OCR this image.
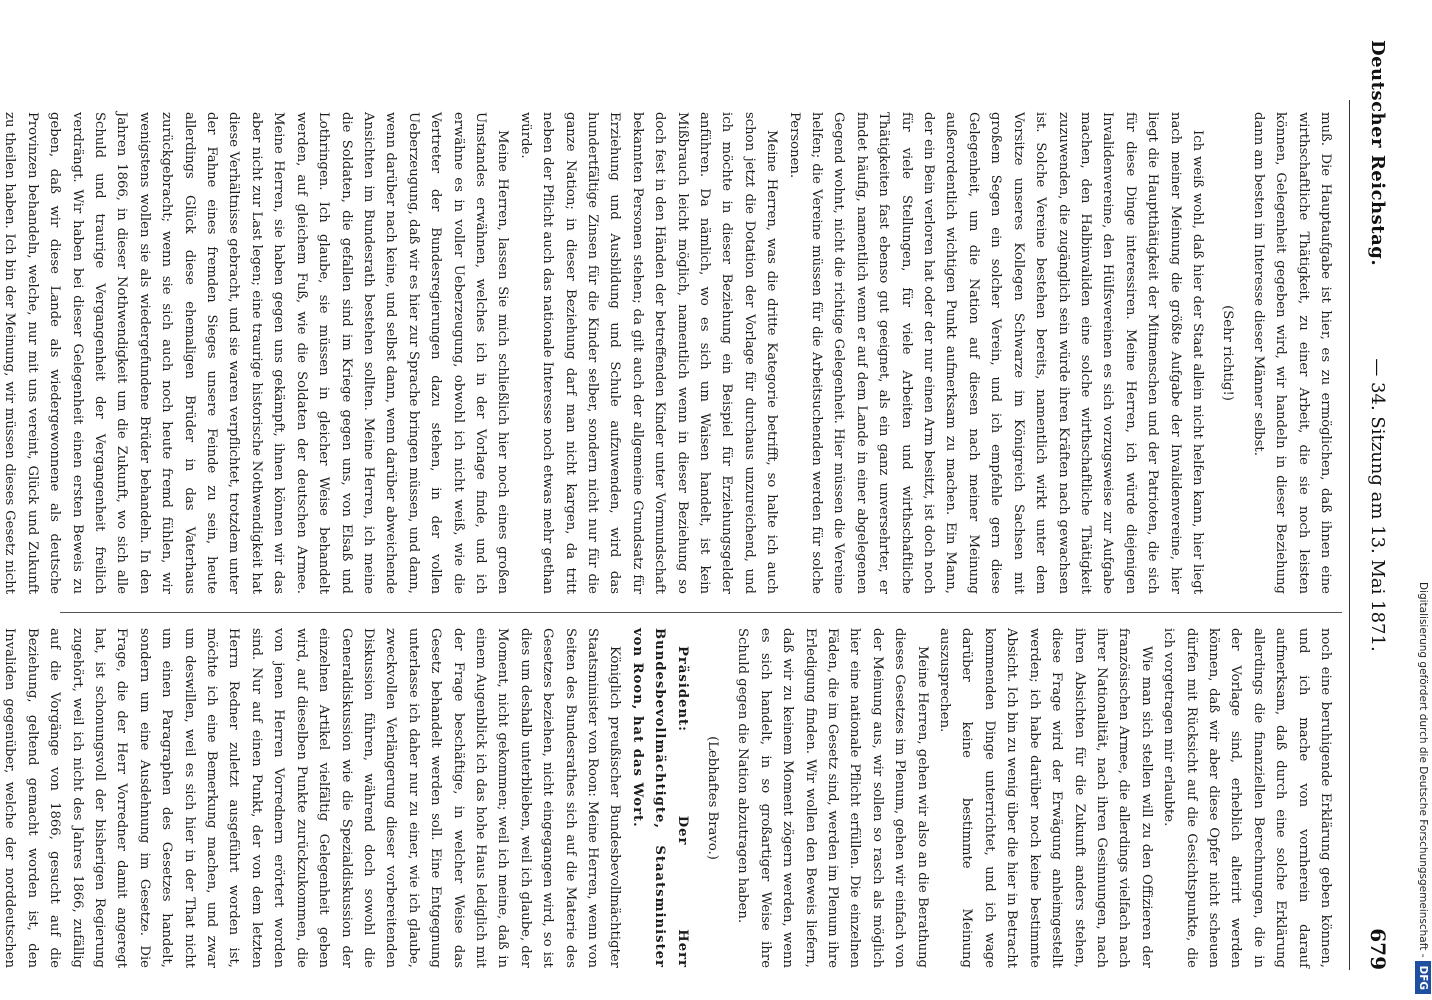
Deutscher Reichstag.
— 34. Sitzung am 13. Mai 1871.
679

muß. Die Hauptaufgabe ist hier, es zu ermöglichen, daß ihnen eine wirthschaftliche Thätigkeit, zu einer Arbeit, die sie noch leisten können, Gelegenheit gegeben wird, wir handeln in dieser Beziehung dann am besten im Interesse dieser Männer selbst.

(Sehr richtig!)

Ich weiß wohl, daß hier der Staat allein nicht helfen kann, hier liegt nach meiner Meinung die größte Aufgabe der Invalidenvereine, hier liegt die Hauptthätigkeit der Mitmenschen und der Patrioten, die sich für diese Dinge interessiren. Meine Herren, ich würde diejenigen Invalidenvereine, den Hülfsvereinen es sich vorzugsweise zur Aufgabe machen, den Halbinvaliden eine solche wirthschaftliche Thätigkeit zuzuwenden, die zugänglich sein würde ihren Kräften nach gewachsen ist. Solche Vereine bestehen bereits, namentlich wirkt unter dem Vorsitze unseres Kollegen Schwarze im Königreich Sachsen mit großem Segen ein solcher Verein, und ich empfehle gern diese Gelegenheit, um die Nation auf diesen nach meiner Meinung außerordentlich wichtigen Punkt aufmerksam zu machen. Ein Mann, der ein Bein verloren hat oder der nur einen Arm besitzt, ist doch noch für viele Stellungen, für viele Arbeiten und wirthschaftliche Thätigkeiten fast ebenso gut geeignet, als ein ganz unversehrter, er findet häufig, namentlich wenn er auf dem Lande in einer abgelegenen Gegend wohnt, nicht die richtige Gelegenheit. Hier müssen die Vereine helfen; die Vereine müssen für die Arbeitsuchenden werden für solche Personen.

Meine Herren, was die dritte Kategorie betrifft, so halte ich auch schon jetzt die Dotation der Vorlage für durchaus unzureichend, und ich möchte in dieser Beziehung ein Beispiel für Erziehungsgelder anführen. Da nämlich, wo es sich um Waisen handelt, ist kein Mißbrauch leicht möglich, namentlich wenn in dieser Beziehung so doch fest in den Händen der betreffenden Kinder unter Vormundschaft bekannten Personen stehen; da gilt auch der allgemeine Grundsatz für Erziehung und Ausbildung und Schule aufzuwenden, wird das hundertfältige Zinsen für die Kinder selber, sondern nicht nur für die ganze Nation; in dieser Beziehung darf man nicht kargen, da tritt neben der Pflicht auch das nationale Interesse noch etwas mehr gethan würde.

Meine Herren, lassen Sie mich schließlich hier noch eines großen Umstandes erwähnen, welches ich in der Vorlage finde, und ich erwähne es in voller Ueberzeugung, obwohl ich nicht weiß, wie die Vertreter der Bundesregierungen dazu stehen, in der vollen Ueberzeugung, daß wir es hier zur Sprache bringen müssen, und dann, wenn darüber nach keine, und selbst dann, wenn darüber abweichende Ansichten im Bundesrath bestehen sollten. Meine Herren, ich meine die Soldaten, die gefallen sind im Kriege gegen uns, von Elsaß und Lothringen. Ich glaube, sie müssen in gleicher Weise behandelt werden, auf gleichem Fuß, wie die Soldaten der deutschen Armee. Meine Herren, sie haben gegen uns gekämpft, ihnen können wir das aber nicht zur Last legen; eine traurige historische Nothwendigkeit hat diese Verhältnisse gebracht, und sie waren verpflichtet, trotzdem unter der Fahne eines fremden Sieges unsere Feinde zu sein, heute allerdings Glück diese ehemaligen Brüder in das Vaterhaus zurückgebracht; wenn sie sich auch noch heute fremd fühlen, wir wenigstens wollen sie als wiedergefundene Brüder behandeln. In den Jahren 1866, in dieser Nothwendigkeit um die Zukunft, wo sich alle Schuld und traurige Vergangenheit der Vergangenheit freilich verdrängt. Wir haben bei dieser Gelegenheit einen ersten Beweis zu geben, daß wir diese Lande als wiedergewonnene als deutsche Provinzen behandeln, welche, nur mit uns vereint, Glück und Zukunft zu theilen haben. Ich bin der Meinung, wir müssen dieses Gesetz nicht

noch eine beruhigende Erklärung geben können, und ich mache von vornherein darauf aufmerksam, daß durch eine solche Erklärung allerdings die finanziellen Berechnungen, die in der Vorlage sind, erheblich alterirt werden können, daß wir aber diese Opfer nicht scheuen dürfen mit Rücksicht auf die Gesichtspunkte, die ich vorgetragen mir erlaubte.

Wie man sich stellen will zu den Offizieren der französischen Armee, die allerdings vielfach nach ihrer Nationalität, nach ihren Gesinnungen, nach ihren Absichten für die Zukunft anders stehen, diese Frage wird der Erwägung anheimgestellt werden; ich habe darüber noch keine bestimmte Absicht. Ich bin zu wenig über die hier in Betracht kommenden Dinge unterrichtet, und ich wage darüber keine bestimmte Meinung auszusprechen.

Meine Herren, gehen wir also an die Berathung dieses Gesetzes im Plenum, gehen wir einfach von der Meinung aus, wir sollen so rasch als möglich hier eine nationale Pflicht erfüllen. Die einzelnen Fäden, die im Gesetz sind, werden im Plenum ihre Erledigung finden. Wir wollen den Beweis liefern, daß wir zu keinem Moment zögern werden, wenn es sich handelt, in so großartiger Weise ihre Schuld gegen die Nation abzutragen haben.

(Lebhaftes Bravo.)

Präsident: Der Herr Bundesbevollmächtigte, Staatsminister von Roon, hat das Wort.

Königlich preußischer Bundesbevollmächtigter Staatsminister von Roon: Meine Herren, wenn von Seiten des Bundesrathes sich auf die Materie des Gesetzes beziehen, nicht eingegangen wird, so ist dies um deshalb unterblieben, weil ich glaube, der Moment, nicht gekommen; weil ich meine, daß in einem Augenblick ich das hohe Haus lediglich mit der Frage beschäftige, in welcher Weise das Gesetz behandelt werden soll. Eine Entgegnung unterlasse ich daher nur zu einer, wie ich glaube, zweckvollen Verlängerung dieser vorbereitenden Diskussion führen, während doch sowohl die Generaldiskussion wie die Spezialdiskussion der einzelnen Artikel vielfältig Gelegenheit geben wird, auf dieselben Punkte zurückzukommen, die von jenen Herren Vorrednern erörtert worden sind. Nur auf einen Punkt, der von dem letzten Herrn Redner zuletzt ausgeführt worden ist, möchte ich eine Bemerkung machen, und zwar um deswillen, weil es sich hier in der That nicht um einen Paragraphen des Gesetzes handelt, sondern um eine Ausdehnung im Gesetze. Die Frage, die der Herr Vorredner damit angeregt hat, ist schonungsvoll der bisherigen Regierung zugehört, weil ich nicht des Jahres 1866, zufällig auf die Vorgänge von 1866, gesucht auf die Beziehung, geltend gemacht worden ist, den Invaliden gegenüber, welche der norddeutschen	Digitalisierung gefördert durch die Deutsche Forschungsgemeinschaft -DFG
